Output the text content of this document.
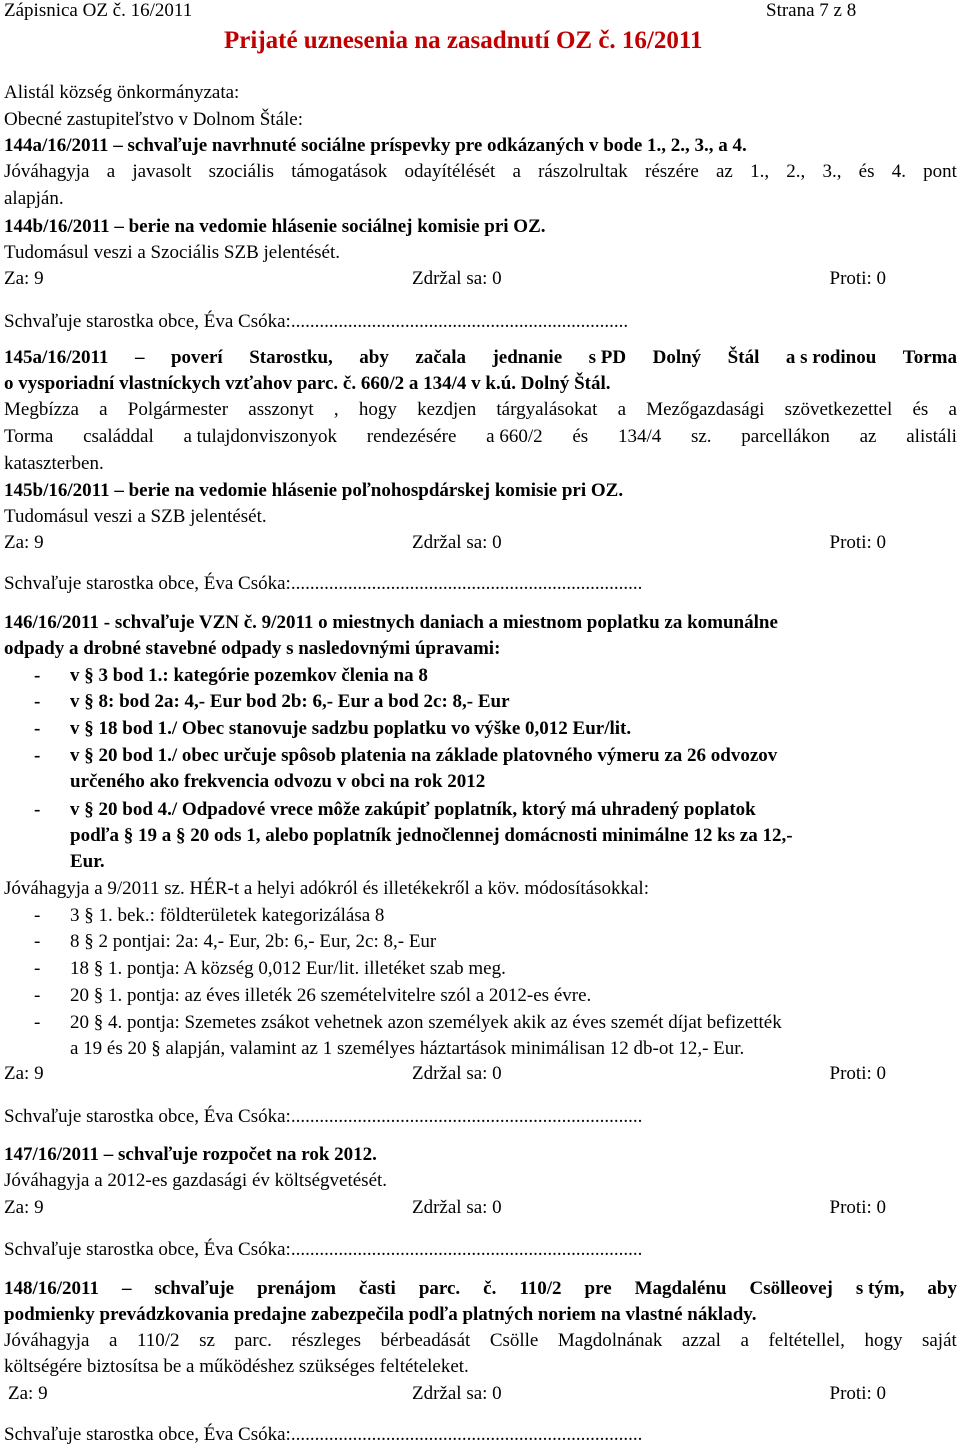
Zápisnica OZ č. 16/2011	Strana 7 z 8
Prijaté uznesenia na zasadnutí OZ č. 16/2011
Alistál község önkormányzata:
Obecné zastupiteľstvo v Dolnom Štále:
144a/16/2011 – schvaľuje navrhnuté sociálne príspevky pre odkázaných v bode 1., 2., 3., a 4.
Jóváhagyja a javasolt szociális támogatások odayítélését a rászolrultak részére az 1., 2., 3., és 4. pont
alapján.
144b/16/2011 – berie na vedomie hlásenie sociálnej komisie pri OZ.
Tudomásul veszi a Szociális SZB jelentését.
Za: 9	Zdržal sa: 0	Proti: 0
Schvaľuje starostka obce, Éva Csóka:.......................................................................
145a/16/2011 – poverí Starostku, aby začala jednanie s PD Dolný Štál a s rodinou Torma
o vysporiadní vlastníckych vzťahov parc. č. 660/2 a 134/4 v k.ú. Dolný Štál.
Megbízza a Polgármester asszonyt , hogy kezdjen tárgyalásokat a Mezőgazdasági szövetkezettel és a
Torma családdal a tulajdonviszonyok rendezésére a 660/2 és 134/4 sz. parcellákon az alistáli
kataszterben.
145b/16/2011 – berie na vedomie hlásenie poľnohospdárskej komisie pri OZ.
Tudomásul veszi a SZB jelentését.
Za: 9	Zdržal sa: 0	Proti: 0
Schvaľuje starostka obce, Éva Csóka:..........................................................................
146/16/2011 - schvaľuje VZN č. 9/2011 o miestnych daniach a miestnom poplatku za komunálne
odpady a drobné stavebné odpady s nasledovnými úpravami:
- v § 3 bod 1.: kategórie pozemkov členia na 8
- v § 8: bod 2a: 4,- Eur bod 2b: 6,- Eur a bod 2c: 8,- Eur
- v § 18 bod 1./ Obec stanovuje sadzbu poplatku vo výške 0,012 Eur/lit.
- v § 20 bod 1./ obec určuje spôsob platenia na základe platovného výmeru za 26 odvozov
určeného ako frekvencia odvozu v obci na rok 2012
- v § 20 bod 4./ Odpadové vrece môže zakúpiť poplatník, ktorý má uhradený poplatok
podľa § 19 a § 20 ods 1, alebo poplatník jednočlennej domácnosti minimálne 12 ks za 12,-
Eur.
Jóváhagyja a 9/2011 sz. HÉR-t a helyi adókról és illetékekről a köv. módosításokkal:
- 3 § 1. bek.: földterületek kategorizálása 8
- 8 § 2 pontjai: 2a: 4,- Eur, 2b: 6,- Eur, 2c: 8,- Eur
- 18 § 1. pontja: A község 0,012 Eur/lit. illetéket szab meg.
- 20 § 1. pontja: az éves illeték 26 szemételvitelre szól a 2012-es évre.
- 20 § 4. pontja: Szemetes zsákot vehetnek azon személyek akik az éves szemét díjat befizették
a 19 és 20 § alapján, valamint az 1 személyes háztartások minimálisan 12 db-ot 12,- Eur.
Za: 9	Zdržal sa: 0	Proti: 0
Schvaľuje starostka obce, Éva Csóka:..........................................................................
147/16/2011 – schvaľuje rozpočet na rok 2012.
Jóváhagyja a 2012-es gazdasági év költségvetését.
Za: 9	Zdržal sa: 0	Proti: 0
Schvaľuje starostka obce, Éva Csóka:..........................................................................
148/16/2011 – schvaľuje prenájom časti parc. č. 110/2 pre Magdalénu Csölleovej s tým, aby
podmienky prevádzkovania predajne zabezpečila podľa platných noriem na vlastné náklady.
Jóváhagyja a 110/2 sz parc. részleges bérbeadását Csölle Magdolnának azzal a feltétellel, hogy saját
költségére biztosítsa be a működéshez szükséges feltételeket.
Za: 9	Zdržal sa: 0	Proti: 0
Schvaľuje starostka obce, Éva Csóka:..........................................................................
